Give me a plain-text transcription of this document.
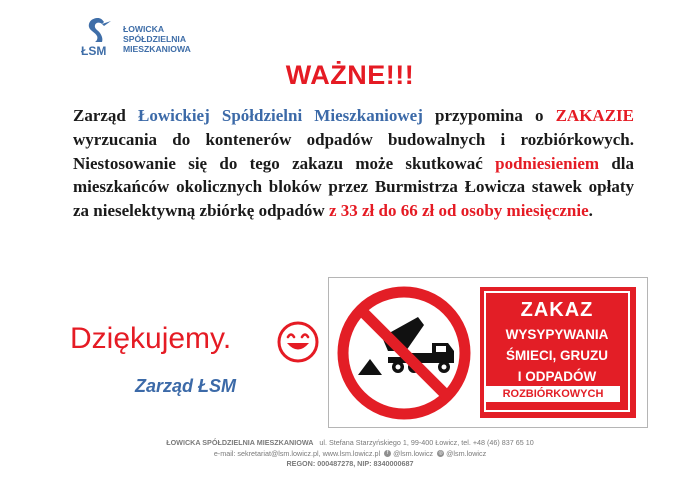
ŁSM
ŁOWICKA
SPÓŁDZIELNIA
MIESZKANIOWA
WAŻNE!!!
Zarząd Łowickiej Spółdzielni Mieszkaniowej przypomina o ZAKAZIE wyrzucania do kontenerów odpadów budowalnych i rozbiórkowych. Niestosowanie się do tego zakazu może skutkować podniesieniem dla mieszkańców okolicznych bloków przez Burmistrza Łowicza stawek opłaty za nieselektywną zbiórkę odpadów z 33 zł do 66 zł od osoby miesięcznie.
Dziękujemy.
Zarząd ŁSM
ZAKAZ
WYSYPYWANIA
ŚMIECI, GRUZU
I ODPADÓW
ROZBIÓRKOWYCH
ŁOWICKA SPÓŁDZIELNIA MIESZKANIOWA ul. Stefana Starzyńskiego 1, 99-400 Łowicz, tel. +48 (46) 837 65 10
e-mail: sekretariat@lsm.lowicz.pl, www.lsm.lowicz.pl f @lsm.lowicz ◎ @lsm.lowicz
REGON: 000487278, NIP: 8340000687
